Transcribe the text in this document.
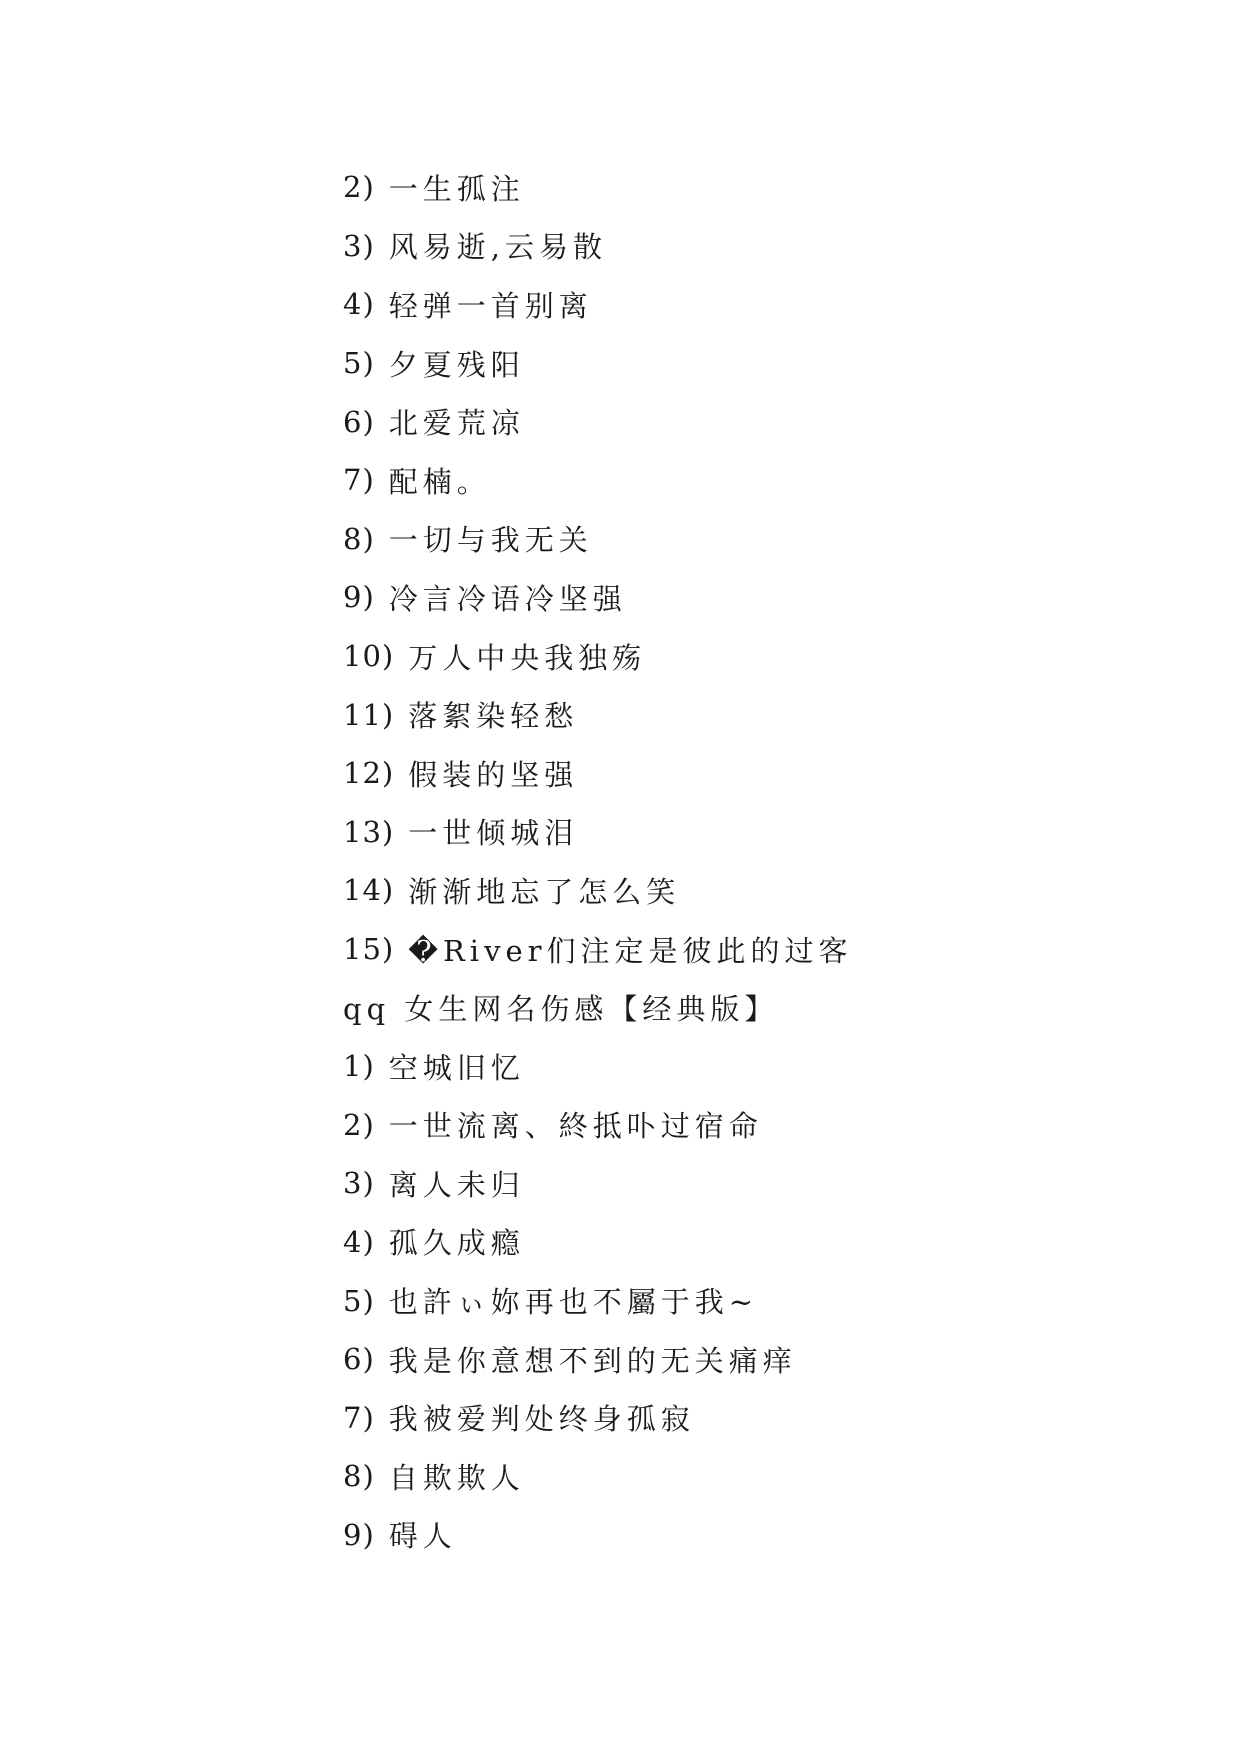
2) 一生孤注
3) 风易逝,云易散
4) 轻弹一首别离
5) 夕夏残阳
6) 北爱荒凉
7) 配楠。
8) 一切与我无关
9) 冷言冷语冷坚强
10) 万人中央我独殇
11) 落絮染轻愁
12) 假装的坚强
13) 一世倾城泪
14) 渐渐地忘了怎么笑
15) �River们注定是彼此的过客
qq 女生网名伤感【经典版】
1) 空城旧忆
2) 一世流离、終抵卟过宿命
3) 离人未归
4) 孤久成瘾
5) 也許ぃ妳再也不屬于我~
6) 我是你意想不到的无关痛痒
7) 我被爱判处终身孤寂
8) 自欺欺人
9) 碍人
